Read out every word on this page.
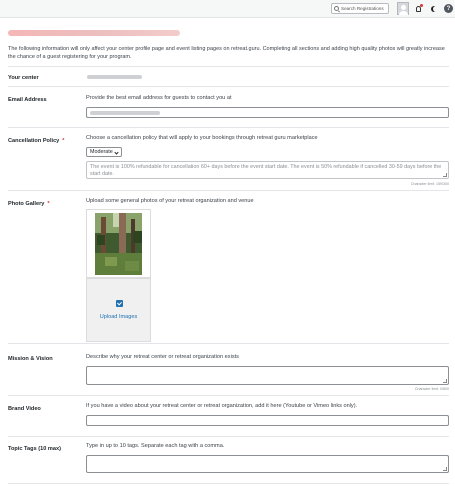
Search Registrations	?
The following information will only affect your center profile page and event listing pages on retreat.guru. Completing all sections and adding high quality photos will greatly increase the chance of a guest registering for your program.
Your center
Email Address	Provide the best email address for guests to contact you at
Cancellation Policy *	Choose a cancellation policy that will apply to your bookings through retreat guru marketplace
Moderate
The event is 100% refundable for cancellation 60+ days before the event start date. The event is 50% refundable if cancelled 30-59 days before the start date.
Character limit: 159/300
Photo Gallery *	Upload some general photos of your retreat organization and venue
Upload Images
Mission & Vision	Describe why your retreat center or retreat organization exists
Character limit: 0/800
Brand Video	If you have a video about your retreat center or retreat organization, add it here (Youtube or Vimeo links only).
Topic Tags (10 max)	Type in up to 10 tags. Separate each tag with a comma.
